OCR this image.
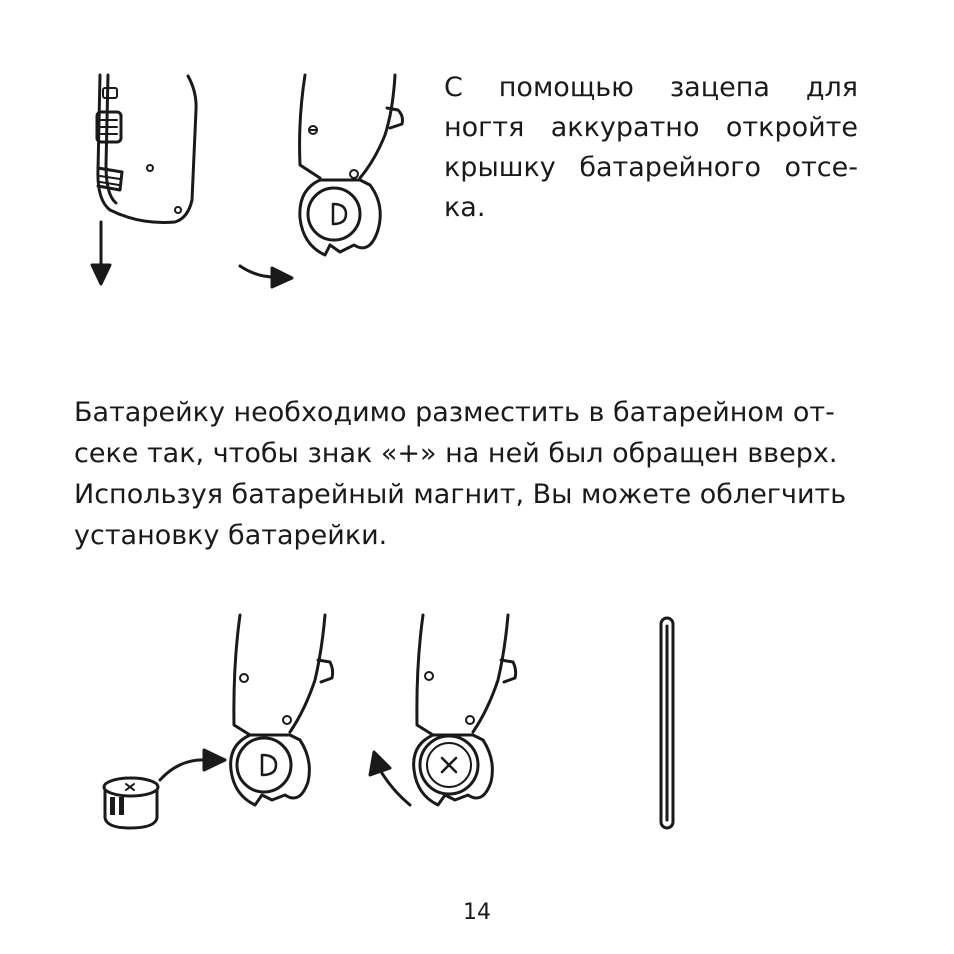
С помощью зацепа для ногтя аккуратно откройте крышку батарейного отсе-ка.

Батарейку необходимо разместить в батарейном от-секе так, чтобы знак «+» на ней был обращен вверх. Используя батарейный магнит, Вы можете облегчить установку батарейки.

14
